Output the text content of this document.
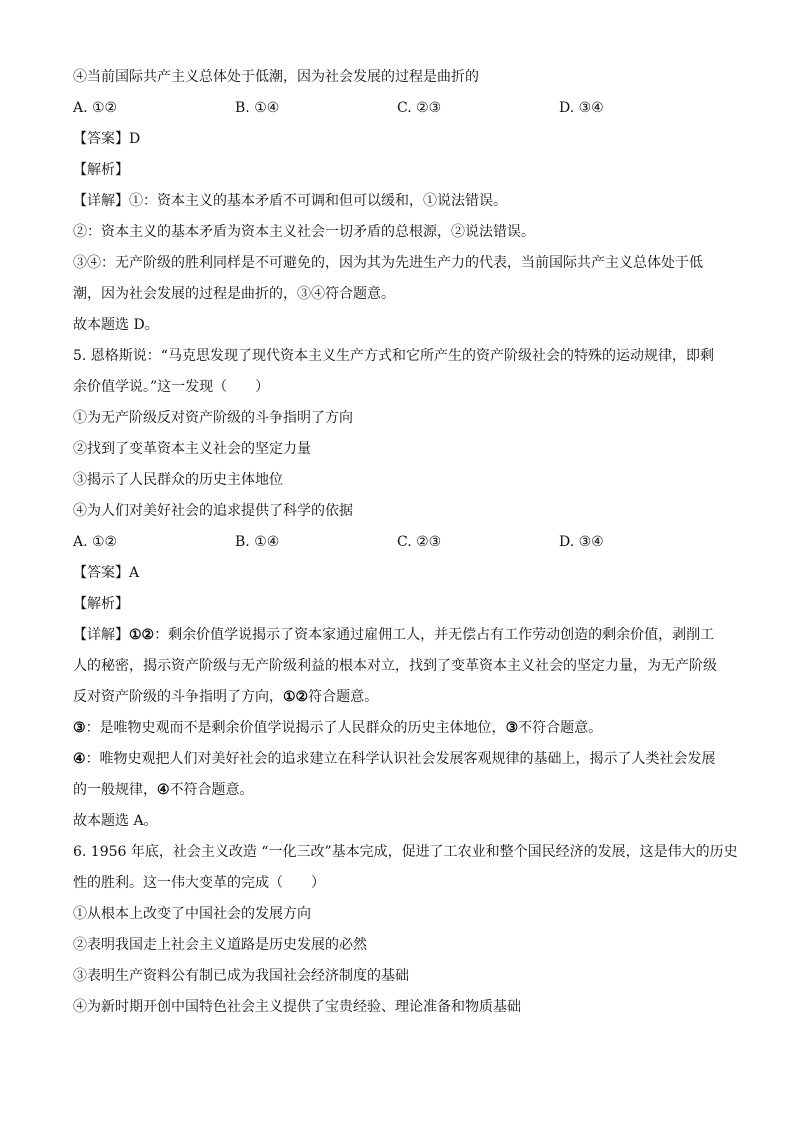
④当前国际共产主义总体处于低潮，因为社会发展的过程是曲折的
A. ①②	B. ①④	C. ②③	D. ③④
【答案】D
【解析】
【详解】①：资本主义的基本矛盾不可调和但可以缓和，①说法错误。
②：资本主义的基本矛盾为资本主义社会一切矛盾的总根源，②说法错误。
③④：无产阶级的胜利同样是不可避免的，因为其为先进生产力的代表，当前国际共产主义总体处于低
潮，因为社会发展的过程是曲折的，③④符合题意。
故本题选 D。
5. 恩格斯说：“马克思发现了现代资本主义生产方式和它所产生的资产阶级社会的特殊的运动规律，即剩
余价值学说。”这一发现（　　）
①为无产阶级反对资产阶级的斗争指明了方向
②找到了变革资本主义社会的坚定力量
③揭示了人民群众的历史主体地位
④为人们对美好社会的追求提供了科学的依据
A. ①②	B. ①④	C. ②③	D. ③④
【答案】A
【解析】
【详解】①②：剩余价值学说揭示了资本家通过雇佣工人，并无偿占有工作劳动创造的剩余价值，剥削工
人的秘密，揭示资产阶级与无产阶级利益的根本对立，找到了变革资本主义社会的坚定力量，为无产阶级
反对资产阶级的斗争指明了方向，①②符合题意。
③：是唯物史观而不是剩余价值学说揭示了人民群众的历史主体地位，③不符合题意。
④：唯物史观把人们对美好社会的追求建立在科学认识社会发展客观规律的基础上，揭示了人类社会发展
的一般规律，④不符合题意。
故本题选 A。
6. 1956 年底，社会主义改造 “一化三改”基本完成，促进了工农业和整个国民经济的发展，这是伟大的历史
性的胜利。这一伟大变革的完成（　　）
①从根本上改变了中国社会的发展方向
②表明我国走上社会主义道路是历史发展的必然
③表明生产资料公有制已成为我国社会经济制度的基础
④为新时期开创中国特色社会主义提供了宝贵经验、理论准备和物质基础
